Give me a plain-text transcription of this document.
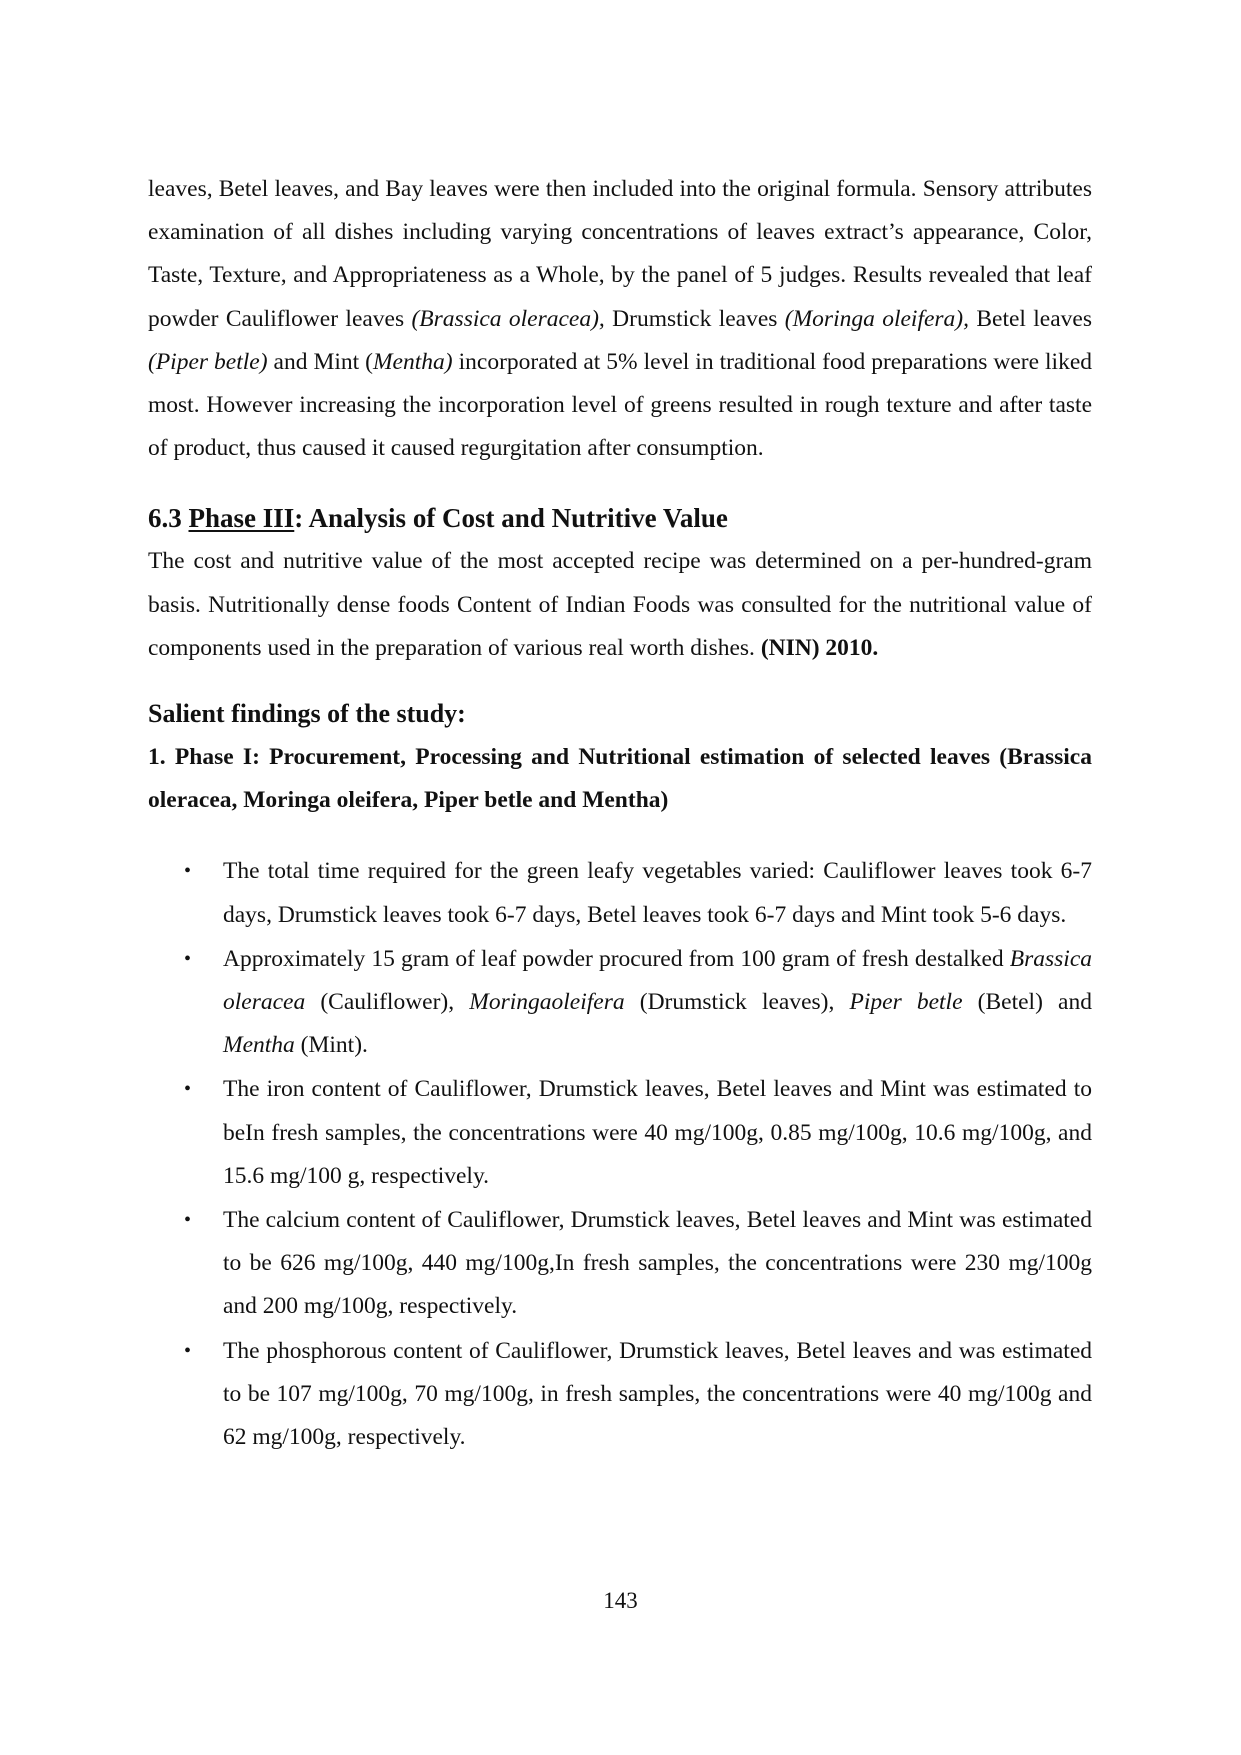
leaves, Betel leaves, and Bay leaves were then included into the original formula. Sensory attributes examination of all dishes including varying concentrations of leaves extract’s appearance, Color, Taste, Texture, and Appropriateness as a Whole, by the panel of 5 judges. Results revealed that leaf powder Cauliflower leaves (Brassica oleracea), Drumstick leaves (Moringa oleifera), Betel leaves (Piper betle) and Mint (Mentha) incorporated at 5% level in traditional food preparations were liked most. However increasing the incorporation level of greens resulted in rough texture and after taste of product, thus caused it caused regurgitation after consumption.

6.3 Phase III: Analysis of Cost and Nutritive Value

The cost and nutritive value of the most accepted recipe was determined on a per-hundred-gram basis. Nutritionally dense foods Content of Indian Foods was consulted for the nutritional value of components used in the preparation of various real worth dishes. (NIN) 2010.

Salient findings of the study:
1. Phase I: Procurement, Processing and Nutritional estimation of selected leaves (Brassica oleracea, Moringa oleifera, Piper betle and Mentha)
• The total time required for the green leafy vegetables varied: Cauliflower leaves took 6-7 days, Drumstick leaves took 6-7 days, Betel leaves took 6-7 days and Mint took 5-6 days.
• Approximately 15 gram of leaf powder procured from 100 gram of fresh destalked Brassica oleracea (Cauliflower), Moringaoleifera (Drumstick leaves), Piper betle (Betel) and Mentha (Mint).
• The iron content of Cauliflower, Drumstick leaves, Betel leaves and Mint was estimated to beIn fresh samples, the concentrations were 40 mg/100g, 0.85 mg/100g, 10.6 mg/100g, and 15.6 mg/100 g, respectively.
• The calcium content of Cauliflower, Drumstick leaves, Betel leaves and Mint was estimated to be 626 mg/100g, 440 mg/100g,In fresh samples, the concentrations were 230 mg/100g and 200 mg/100g, respectively.
• The phosphorous content of Cauliflower, Drumstick leaves, Betel leaves and was estimated to be 107 mg/100g, 70 mg/100g, in fresh samples, the concentrations were 40 mg/100g and 62 mg/100g, respectively.
143
